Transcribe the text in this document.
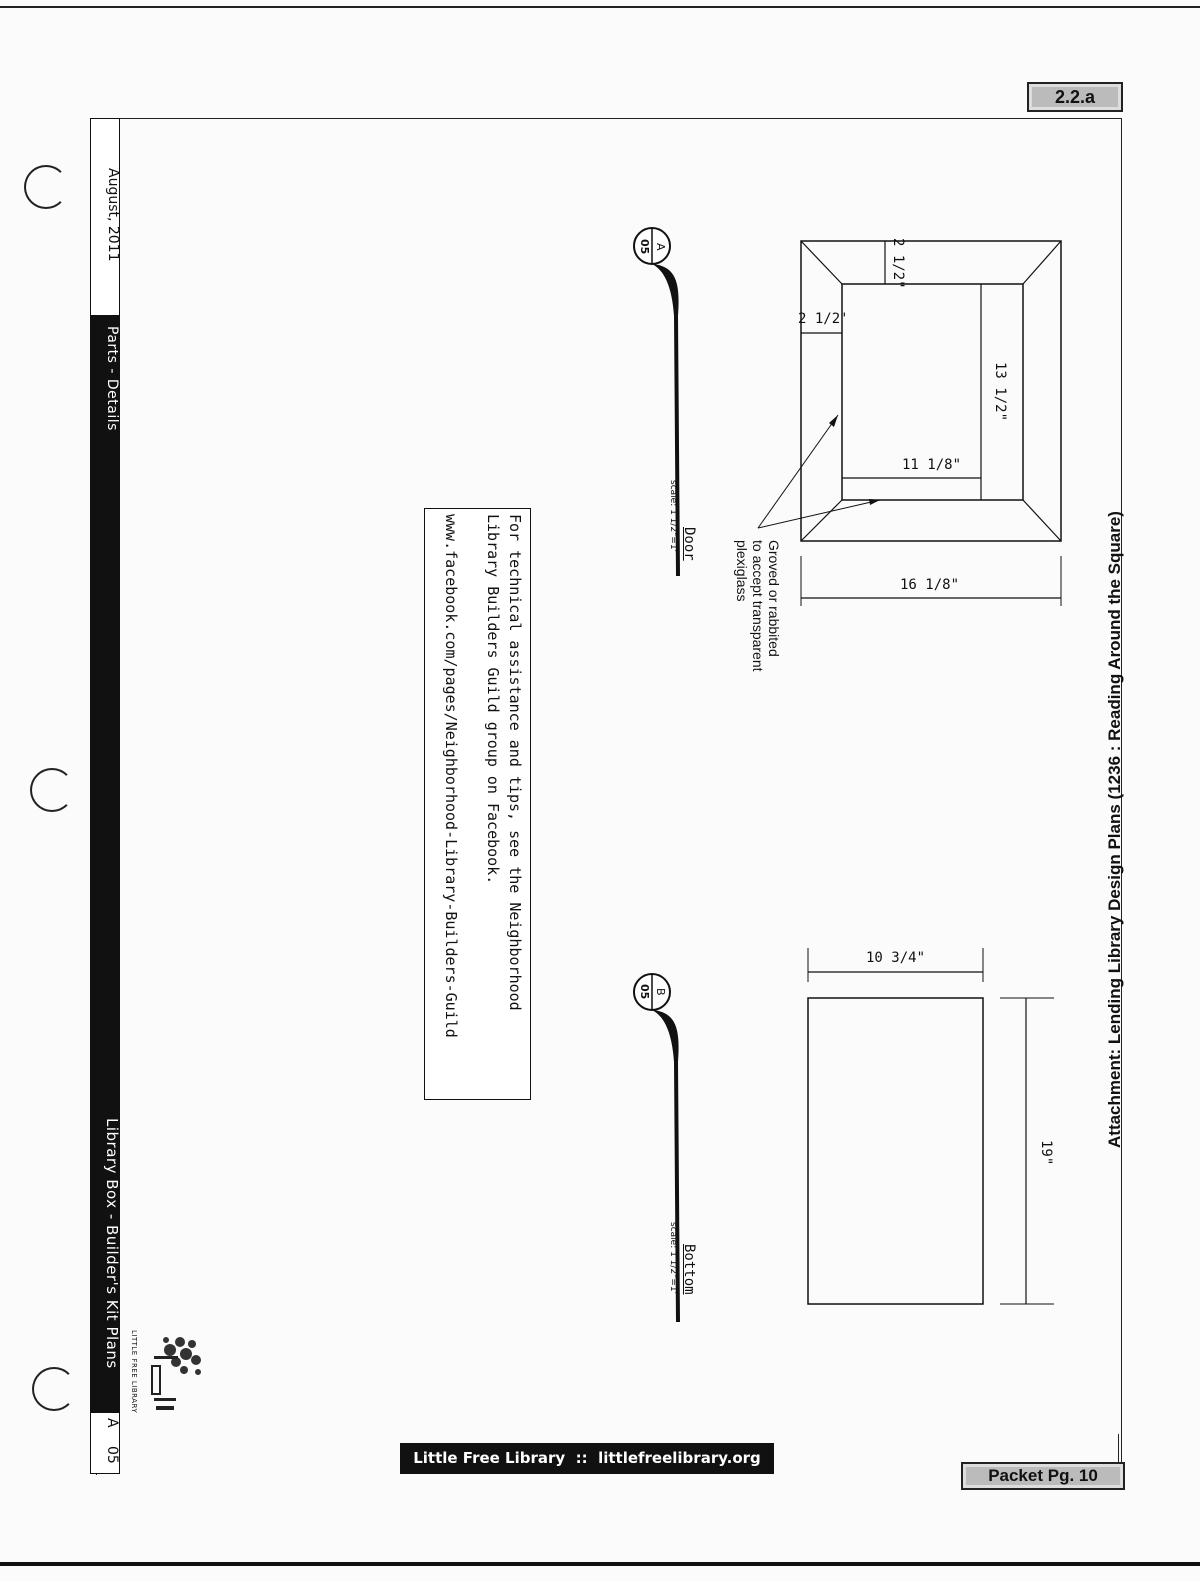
2.2.a
Attachment: Lending Library Design Plans (1236 : Reading Around the Square)
August, 2011
Parts - Details
Library Box - Builder's Kit Plans
A
05
LITTLE FREE LIBRARY
Little Free Library  ::  littlefreelibrary.org
Packet Pg. 10
2 1/2"
2 1/2'
13 1/2"
11 1/8"
16 1/8"
Groved or rabbited
to accept transparent
plexiglass
A
05
Door
scale: 1 1/2"=1'
10 3/4"
19"
B
05
Bottom
scale: 1 1/2"=1'
For technical assistance and tips, see the Neighborhood
Library Builders Guild group on Facebook.
www.facebook.com/pages/Neighborhood-Library-Builders-Guild
